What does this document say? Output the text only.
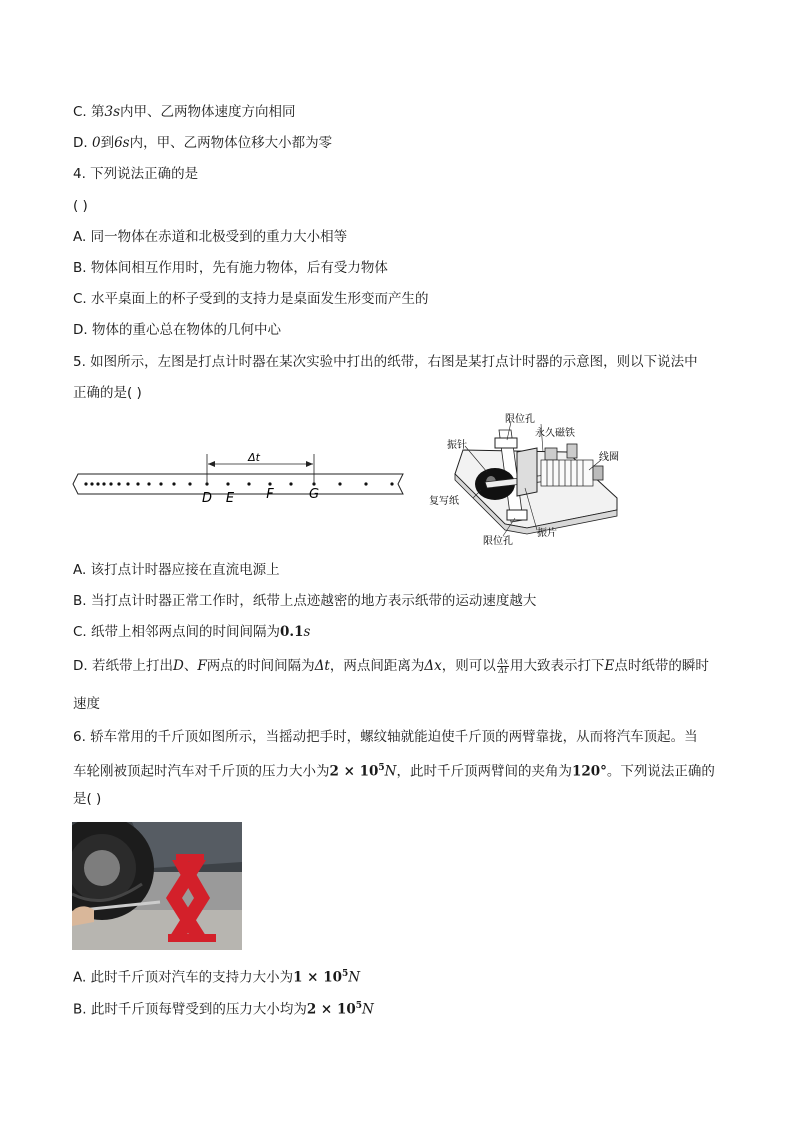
C. 第3s内甲、乙两物体速度方向相同
D. 0到6s内，甲、乙两物体位移大小都为零
4. 下列说法正确的是
( )
A. 同一物体在赤道和北极受到的重力大小相等
B. 物体间相互作用时，先有施力物体，后有受力物体
C. 水平桌面上的杯子受到的支持力是桌面发生形变而产生的
D. 物体的重心总在物体的几何中心
5. 如图所示，左图是打点计时器在某次实验中打出的纸带，右图是某打点计时器的示意图，则以下说法中
正确的是( )
Δt
D E F	G
限位孔
永久磁铁
振针
线圈
复写纸
限位孔
振片
A. 该打点计时器应接在直流电源上
B. 当打点计时器正常工作时，纸带上点迹越密的地方表示纸带的运动速度越大
C. 纸带上相邻两点间的时间间隔为0.1s
D. 若纸带上打出D、F两点的时间间隔为Δt，两点间距离为Δx，则可以 $\frac{\Delta x}{\Delta t}$ 用大致表示打下E点时纸带的瞬时
速度
6. 轿车常用的千斤顶如图所示，当摇动把手时，螺纹轴就能迫使千斤顶的两臂靠拢，从而将汽车顶起。当
车轮刚被顶起时汽车对千斤顶的压力大小为$2 \times 10^5N$，此时千斤顶两臂间的夹角为120°。下列说法正确的
是( )
A. 此时千斤顶对汽车的支持力大小为$1 \times 10^5N$
B. 此时千斤顶每臂受到的压力大小均为$2 \times 10^5N$
